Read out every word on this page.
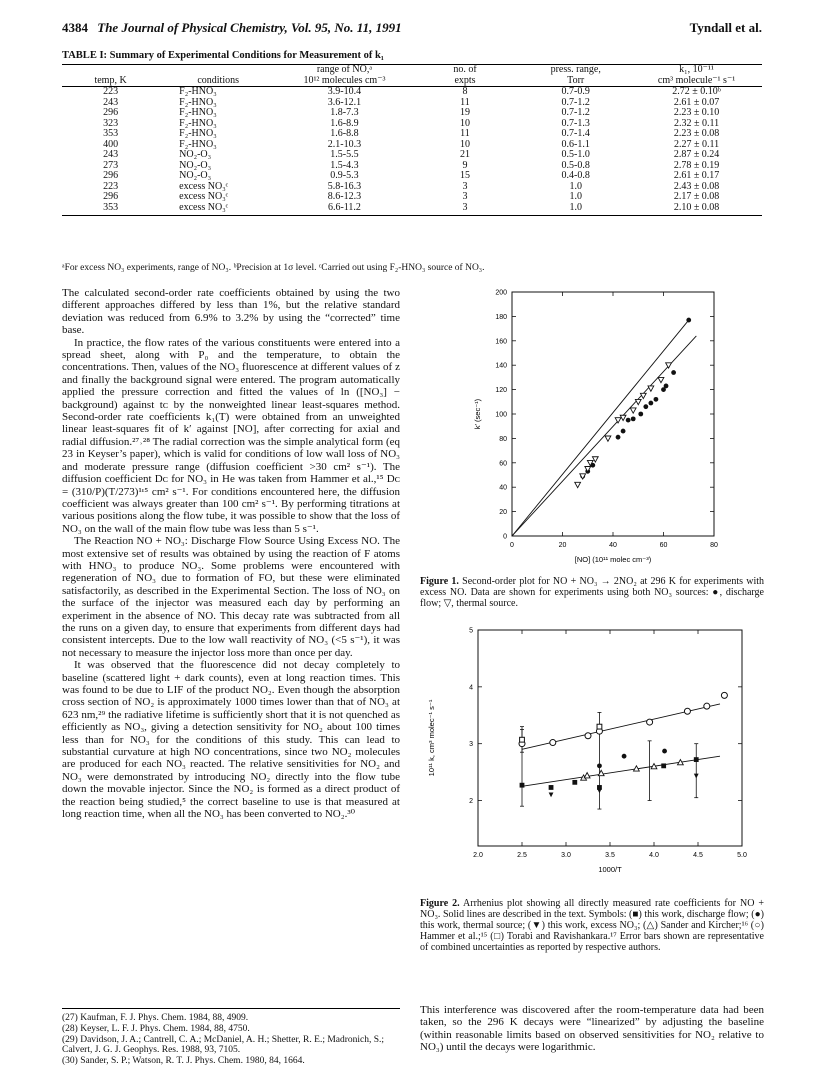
4384 The Journal of Physical Chemistry, Vol. 95, No. 11, 1991	Tyndall et al.
TABLE I: Summary of Experimental Conditions for Measurement of k₁
		range of NO,ᵃ	no. of	press. range,	k₁, 10⁻¹¹
temp, K	conditions	10¹² molecules cm⁻³	expts	Torr	cm³ molecule⁻¹ s⁻¹
223	F₂-HNO₃	3.9-10.4	8	0.7-0.9	2.72 ± 0.10ᵇ
243	F₂-HNO₃	3.6-12.1	11	0.7-1.2	2.61 ± 0.07
296	F₂-HNO₃	1.8-7.3	19	0.7-1.2	2.23 ± 0.10
323	F₂-HNO₃	1.6-8.9	10	0.7-1.3	2.32 ± 0.11
353	F₂-HNO₃	1.6-8.8	11	0.7-1.4	2.23 ± 0.08
400	F₂-HNO₃	2.1-10.3	10	0.6-1.1	2.27 ± 0.11
243	NO₂-O₃	1.5-5.5	21	0.5-1.0	2.87 ± 0.24
273	NO₂-O₃	1.5-4.3	9	0.5-0.8	2.78 ± 0.19
296	NO₂-O₃	0.9-5.3	15	0.4-0.8	2.61 ± 0.17
223	excess NO₃ᶜ	5.8-16.3	3	1.0	2.43 ± 0.08
296	excess NO₃ᶜ	8.6-12.3	3	1.0	2.17 ± 0.08
353	excess NO₃ᶜ	6.6-11.2	3	1.0	2.10 ± 0.08
ᵃFor excess NO₃ experiments, range of NO₃. ᵇPrecision at 1σ level. ᶜCarried out using F₂-HNO₃ source of NO₃.

The calculated second-order rate coefficients obtained by using the two different approaches differed by less than 1%, but the relative standard deviation was reduced from 6.9% to 3.2% by using the “corrected” time base.

In practice, the flow rates of the various constituents were entered into a spread sheet, along with P₀ and the temperature, to obtain the concentrations. Then, values of the NO₃ fluorescence at different values of z and finally the background signal were entered. The program automatically applied the pressure correction and fitted the values of ln ([NO₃] − background) against tᴄ by the nonweighted linear least-squares method. Second-order rate coefficients k₁(T) were obtained from an unweighted linear least-squares fit of k′ against [NO], after correcting for axial and radial diffusion.²⁷˒²⁸ The radial correction was the simple analytical form (eq 23 in Keyser’s paper), which is valid for conditions of low wall loss of NO₃ and moderate pressure range (diffusion coefficient >30 cm² s⁻¹). The diffusion coefficient Dᴄ for NO₃ in He was taken from Hammer et al.,¹⁵ Dᴄ = (310/P)(T/273)¹ᵋ⁵ cm² s⁻¹. For conditions encountered here, the diffusion coefficient was always greater than 100 cm² s⁻¹. By performing titrations at various positions along the flow tube, it was possible to show that the loss of NO₃ on the wall of the main flow tube was less than 5 s⁻¹.

The Reaction NO + NO₃: Discharge Flow Source Using Excess NO. The most extensive set of results was obtained by using the reaction of F atoms with HNO₃ to produce NO₃. Some problems were encountered with regeneration of NO₃ due to formation of FO, but these were eliminated satisfactorily, as described in the Experimental Section. The loss of NO₃ on the surface of the injector was measured each day by performing an experiment in the absence of NO. This decay rate was subtracted from all the runs on a given day, to ensure that experiments from different days had consistent intercepts. Due to the low wall reactivity of NO₃ (<5 s⁻¹), it was not necessary to measure the injector loss more than once per day.

It was observed that the fluorescence did not decay completely to baseline (scattered light + dark counts), even at long reaction times. This was found to be due to LIF of the product NO₂. Even though the absorption cross section of NO₂ is approximately 1000 times lower than that of NO₃ at 623 nm,²⁹ the radiative lifetime is sufficiently short that it is not quenched as efficiently as NO₃, giving a detection sensitivity for NO₂ about 100 times less than for NO₃ for the conditions of this study. This can lead to substantial curvature at high NO concentrations, since two NO₂ molecules are produced for each NO₃ reacted. The relative sensitivities for NO₂ and NO₃ were demonstrated by introducing NO₂ directly into the flow tube down the movable injector. Since the NO₂ is formed as a direct product of the reaction being studied,⁵ the correct baseline to use is that measured at long reaction time, when all the NO₃ has been converted to NO₂.³⁰

(27) Kaufman, F. J. Phys. Chem. 1984, 88, 4909.
(28) Keyser, L. F. J. Phys. Chem. 1984, 88, 4750.
(29) Davidson, J. A.; Cantrell, C. A.; McDaniel, A. H.; Shetter, R. E.; Madronich, S.; Calvert, J. G. J. Geophys. Res. 1988, 93, 7105.
(30) Sander, S. P.; Watson, R. T. J. Phys. Chem. 1980, 84, 1664.
0	20	40	60	80
0
20
40
60
80
100
120
140
160
180
200
[NO] (10¹¹ molec cm⁻³)
k′ (sec⁻¹)
Figure 1. Second-order plot for NO + NO₃ → 2NO₂ at 296 K for experiments with excess NO. Data are shown for experiments using both NO₃ sources: ●, discharge flow; ▽, thermal source.
2.0	2.5	3.0	3.5	4.0	4.5	5.0
2
3
4
5
1000/T
10¹¹ k, cm³ molec⁻¹ s⁻¹
Figure 2. Arrhenius plot showing all directly measured rate coefficients for NO + NO₃. Solid lines are described in the text. Symbols: (■) this work, discharge flow; (●) this work, thermal source; (▼) this work, excess NO₃; (△) Sander and Kircher;¹⁶ (○) Hammer et al.;¹⁵ (□) Torabi and Ravishankara.¹⁷ Error bars shown are representative of combined uncertainties as reported by respective authors.
This interference was discovered after the room-temperature data had been taken, so the 296 K decays were “linearized” by adjusting the baseline (within reasonable limits based on observed sensitivities for NO₂ relative to NO₃) until the decays were logarithmic.
